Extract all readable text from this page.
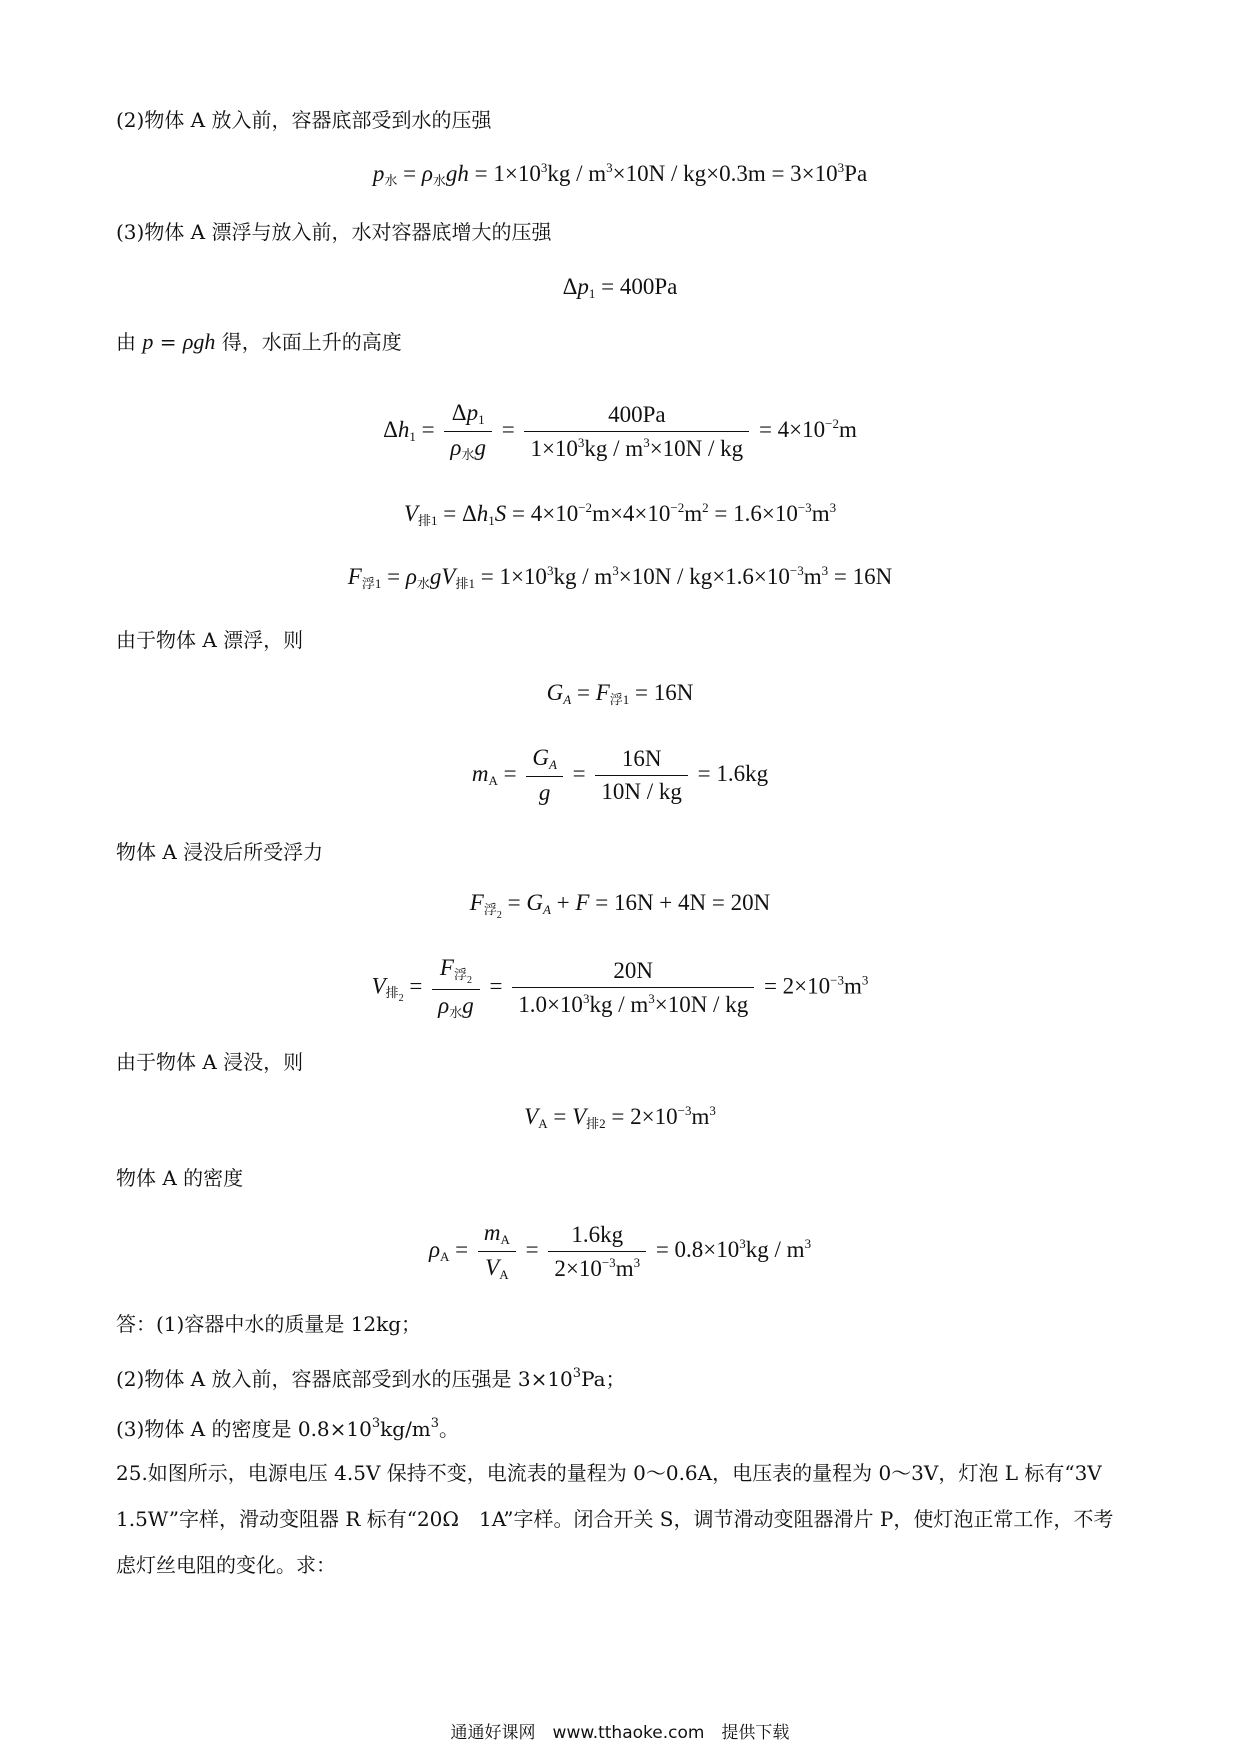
(2)物体 A 放入前，容器底部受到水的压强
$p_水 = \rho_水gh = 1\times 10^3kg / m^3\times 10N / kg\times 0.3m = 3\times 10^3Pa$
(3)物体 A 漂浮与放入前，水对容器底增大的压强
$\Delta p_1 = 400Pa$
由 p = ρgh 得，水面上升的高度
$\Delta h_1 = \frac{\Delta p_1}{\rho_水g} = \frac{400Pa}{1\times 10^3kg / m^3\times 10N / kg} = 4\times 10^{-2}m$
$V_{排1} = \Delta h_1S = 4\times 10^{-2}m\times 4\times 10^{-2}m^2 = 1.6\times 10^{-3}m^3$
$F_{浮1} = \rho_水gV_{排1} = 1\times 10^3kg / m^3\times 10N / kg\times 1.6\times 10^{-3}m^3 = 16N$
由于物体 A 漂浮，则
$G_A = F_{浮1} = 16N$
$m_A = \frac{G_A}{g} = \frac{16N}{10N / kg} = 1.6kg$
物体 A 浸没后所受浮力
$F_{浮_2} = G_A + F = 16N + 4N = 20N$
$V_{排_2} = \frac{F_{浮_2}}{\rho_水g} = \frac{20N}{1.0\times 10^3kg / m^3\times 10N / kg} = 2\times 10^{-3}m^3$
由于物体 A 浸没，则
$V_A = V_{排2} = 2\times 10^{-3}m^3$
物体 A 的密度
$\rho_A = \frac{m_A}{V_A} = \frac{1.6kg}{2\times 10^{-3}m^3} = 0.8\times 10^3kg / m^3$
答：(1)容器中水的质量是 12kg；
(2)物体 A 放入前，容器底部受到水的压强是 $3\times 10^3Pa$；
(3)物体 A 的密度是 $0.8\times 10^3kg/m^3$。
25.如图所示，电源电压 4.5V 保持不变，电流表的量程为 0～0.6A，电压表的量程为 0～3V，灯泡 L 标有“3V　1.5W”字样，滑动变阻器 R 标有“20Ω　1A”字样。闭合开关 S，调节滑动变阻器滑片 P，使灯泡正常工作，不考虑灯丝电阻的变化。求：
通通好课网　www.tthaoke.com　提供下载
